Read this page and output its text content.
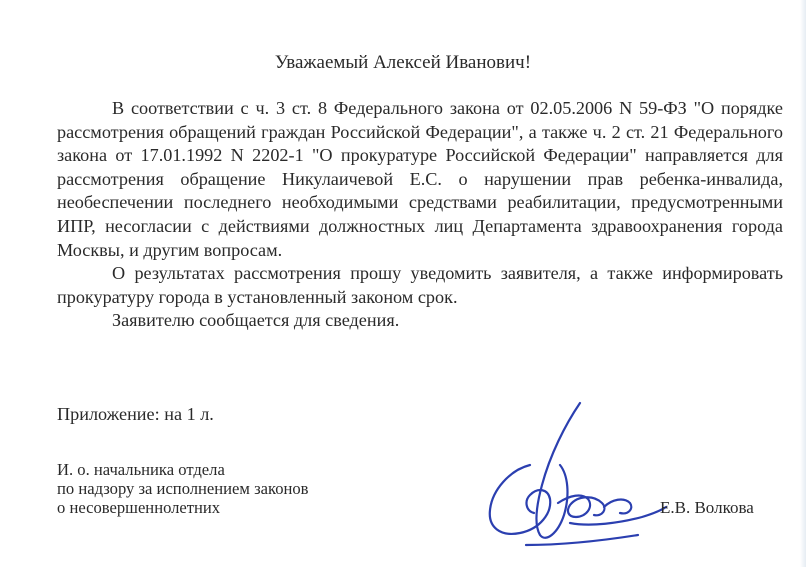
Уважаемый Алексей Иванович!

В соответствии с ч. 3 ст. 8 Федерального закона от 02.05.2006 N 59-ФЗ "О порядке рассмотрения обращений граждан Российской Федерации", а также ч. 2 ст. 21 Федерального закона от 17.01.1992 N 2202-1 "О прокуратуре Российской Федерации" направляется для рассмотрения обращение Никулаичевой Е.С. о нарушении прав ребенка-инвалида, необеспечении последнего необходимыми средствами реабилитации, предусмотренными ИПР, несогласии с действиями должностных лиц Департамента здравоохранения города Москвы, и другим вопросам.

О результатах рассмотрения прошу уведомить заявителя, а также информировать прокуратуру города в установленный законом срок.

Заявителю сообщается для сведения.

Приложение: на 1 л.
И. о. начальника отдела
по надзору за исполнением законов
о несовершеннолетних	Е.В. Волкова
